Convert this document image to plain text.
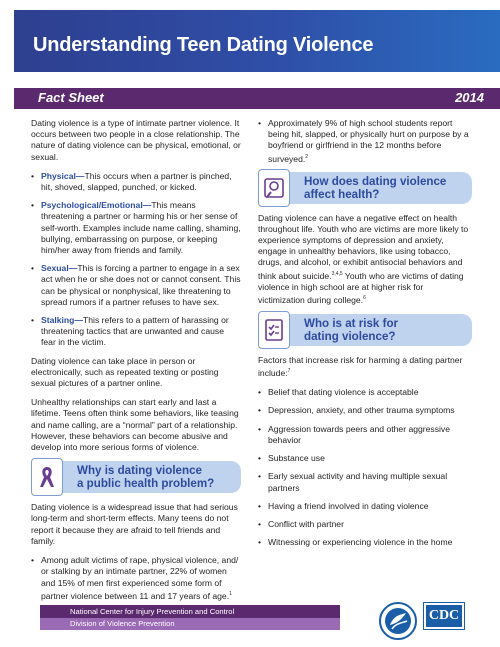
Understanding Teen Dating Violence
Fact Sheet	2014

Dating violence is a type of intimate partner violence. It occurs between two people in a close relationship. The nature of dating violence can be physical, emotional, or sexual.

• Physical—This occurs when a partner is pinched, hit, shoved, slapped, punched, or kicked.
• Psychological/Emotional—This means threatening a partner or harming his or her sense of self-worth. Examples include name calling, shaming, bullying, embarrassing on purpose, or keeping him/her away from friends and family.
• Sexual—This is forcing a partner to engage in a sex act when he or she does not or cannot consent. This can be physical or nonphysical, like threatening to spread rumors if a partner refuses to have sex.
• Stalking—This refers to a pattern of harassing or threatening tactics that are unwanted and cause fear in the victim.

Dating violence can take place in person or electronically, such as repeated texting or posting sexual pictures of a partner online.

Unhealthy relationships can start early and last a lifetime. Teens often think some behaviors, like teasing and name calling, are a “normal” part of a relationship. However, these behaviors can become abusive and develop into more serious forms of violence.

Why is dating violence
a public health problem?

Dating violence is a widespread issue that had serious long-term and short-term effects. Many teens do not report it because they are afraid to tell friends and family.

• Among adult victims of rape, physical violence, and/ or stalking by an intimate partner, 22% of women and 15% of men first experienced some form of partner violence between 11 and 17 years of age.$^1$
• Approximately 9% of high school students report being hit, slapped, or physically hurt on purpose by a boyfriend or girlfriend in the 12 months before surveyed.$^2$
How does dating violence
affect health?

Dating violence can have a negative effect on health throughout life. Youth who are victims are more likely to experience symptoms of depression and anxiety, engage in unhealthy behaviors, like using tobacco, drugs, and alcohol, or exhibit antisocial behaviors and think about suicide.$^{3,4,5}$ Youth who are victims of dating violence in high school are at higher risk for victimization during college.$^6$

Who is at risk for
dating violence?

Factors that increase risk for harming a dating partner include:$^7$

• Belief that dating violence is acceptable
• Depression, anxiety, and other trauma symptoms
• Aggression towards peers and other aggressive behavior
• Substance use
• Early sexual activity and having multiple sexual partners
• Having a friend involved in dating violence
• Conflict with partner
• Witnessing or experiencing violence in the home
National Center for Injury Prevention and Control
Division of Violence Prevention
CDC
